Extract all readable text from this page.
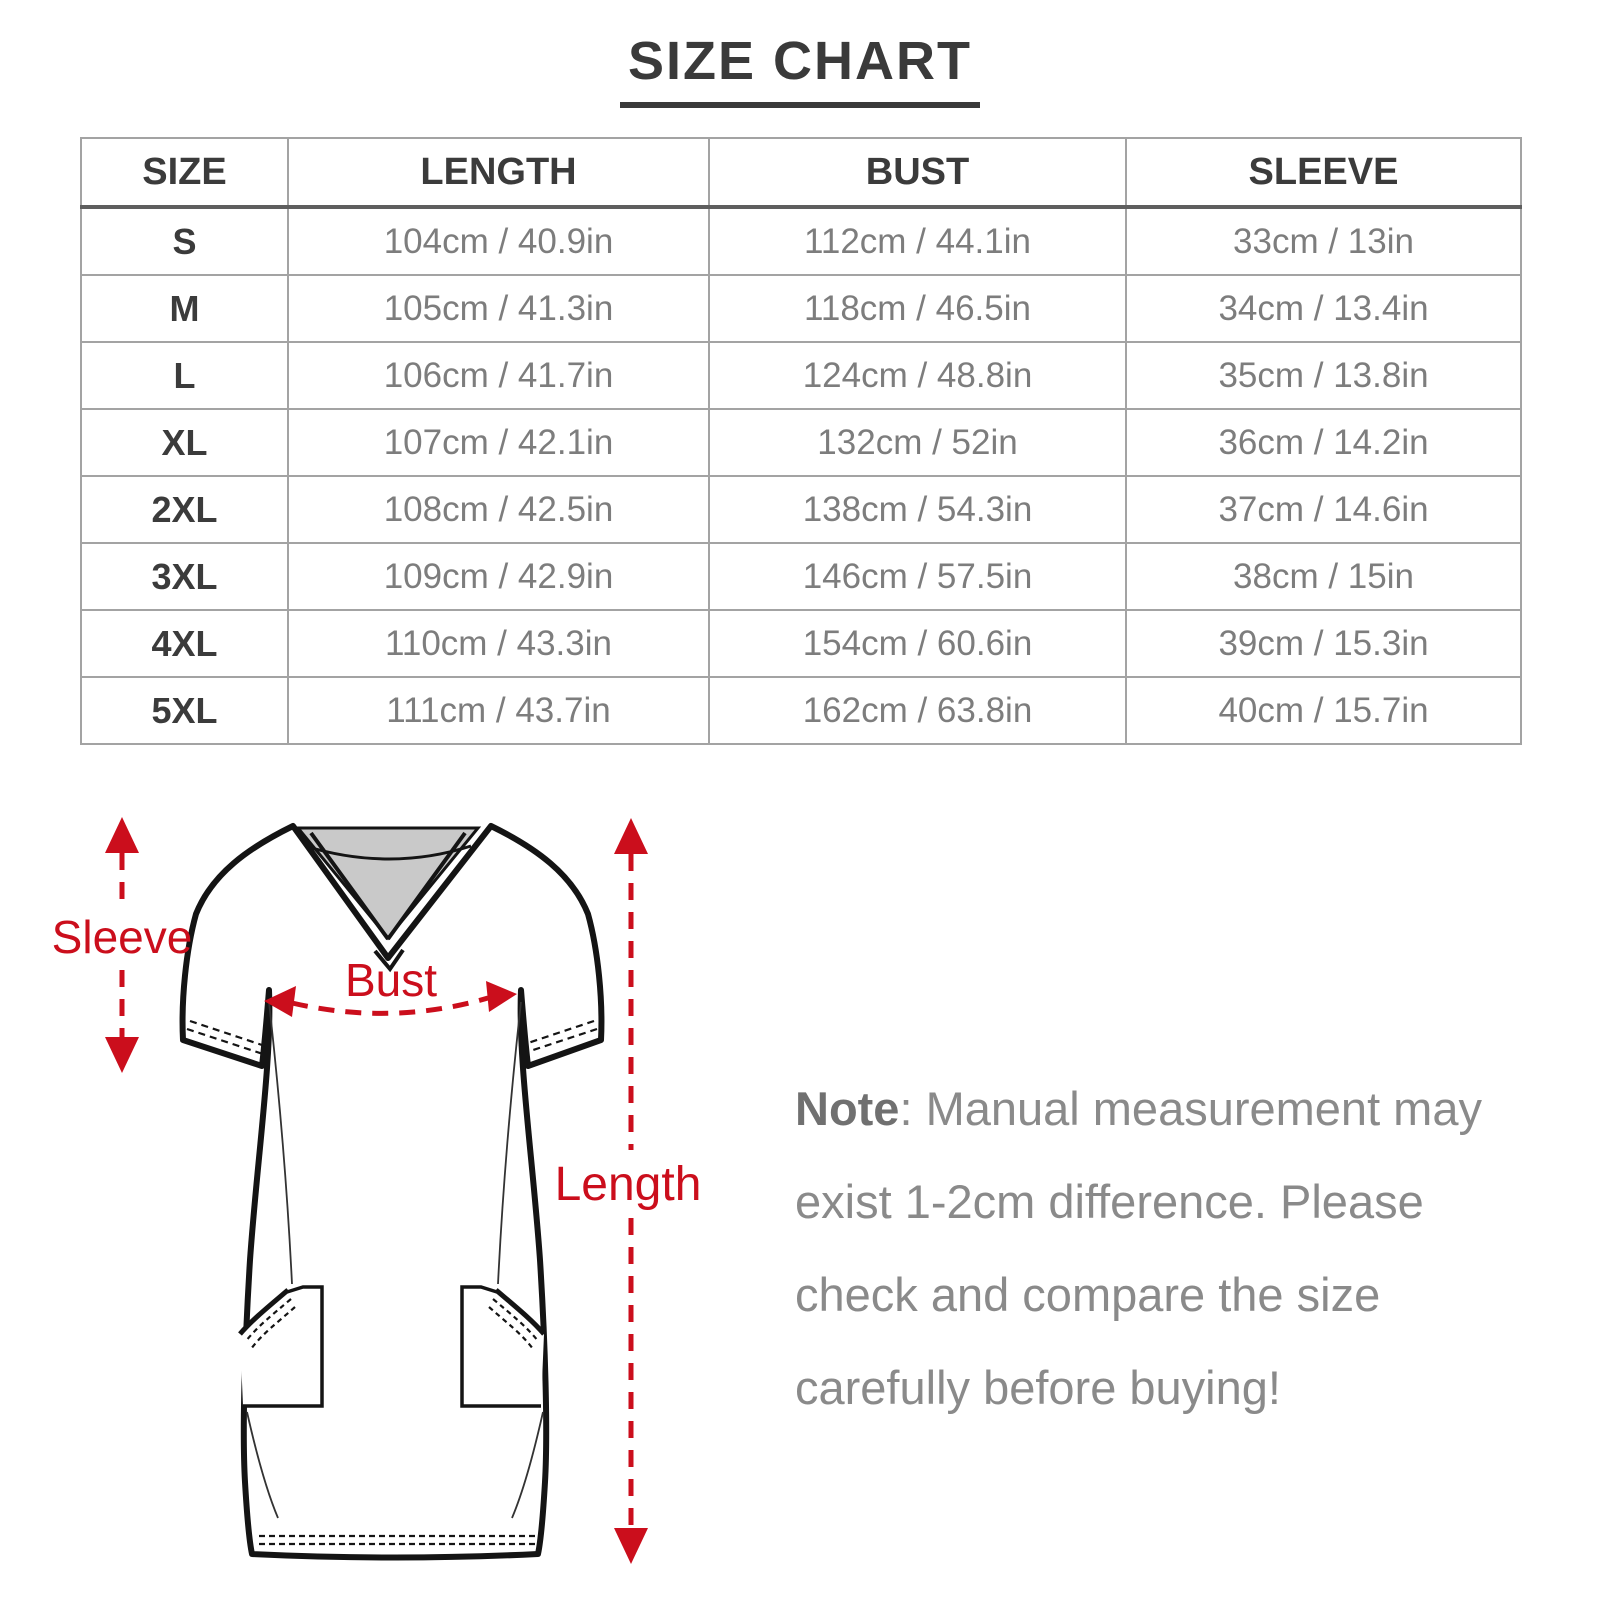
SIZE CHART
SIZE	LENGTH	BUST	SLEEVE
S	104cm / 40.9in	112cm / 44.1in	33cm / 13in
M	105cm / 41.3in	118cm / 46.5in	34cm / 13.4in
L	106cm / 41.7in	124cm / 48.8in	35cm / 13.8in
XL	107cm / 42.1in	132cm / 52in	36cm / 14.2in
2XL	108cm / 42.5in	138cm / 54.3in	37cm / 14.6in
3XL	109cm / 42.9in	146cm / 57.5in	38cm / 15in
4XL	110cm / 43.3in	154cm / 60.6in	39cm / 15.3in
5XL	111cm / 43.7in	162cm / 63.8in	40cm / 15.7in
Sleeve
Bust
Length
Note: Manual measurement may exist 1-2cm difference. Please check and compare the size carefully before buying!
